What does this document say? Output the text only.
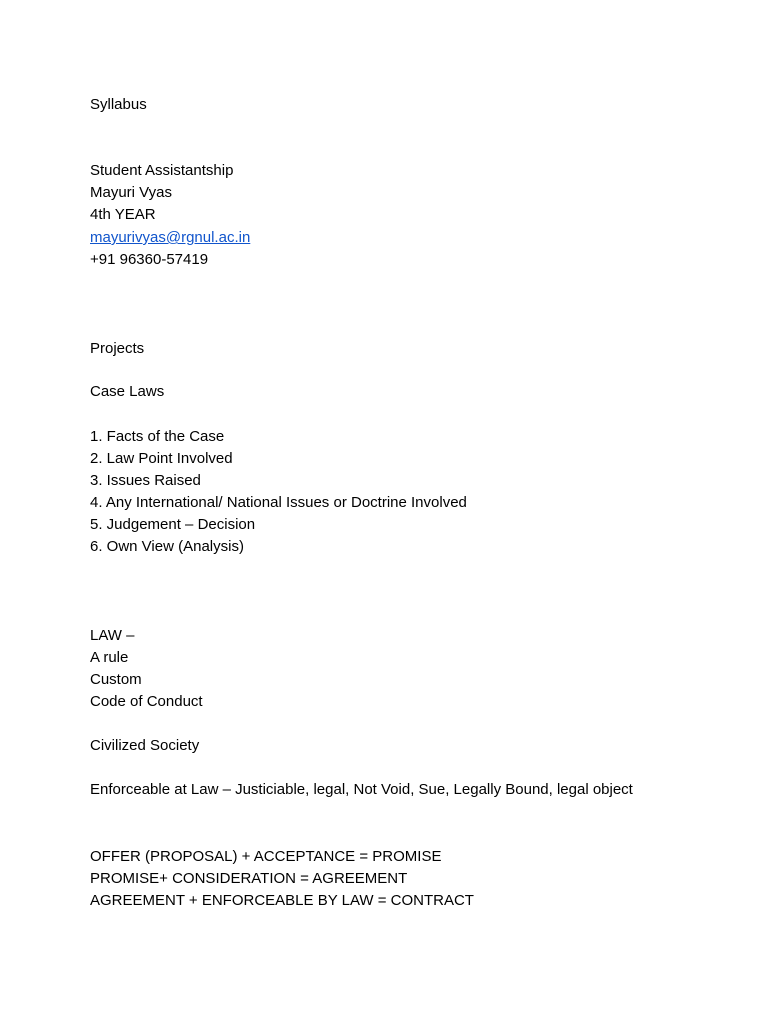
Syllabus

Student Assistantship

Mayuri Vyas

4th YEAR

mayurivyas@rgnul.ac.in

+91 96360-57419

Projects

Case Laws

1. Facts of the Case

2. Law Point Involved

3. Issues Raised

4. Any International/ National Issues or Doctrine Involved

5. Judgement – Decision

6. Own View (Analysis)

LAW –

A rule

Custom

Code of Conduct

Civilized Society

Enforceable at Law – Justiciable, legal, Not Void, Sue, Legally Bound, legal object

OFFER (PROPOSAL) + ACCEPTANCE = PROMISE

PROMISE+ CONSIDERATION = AGREEMENT

AGREEMENT + ENFORCEABLE BY LAW = CONTRACT
